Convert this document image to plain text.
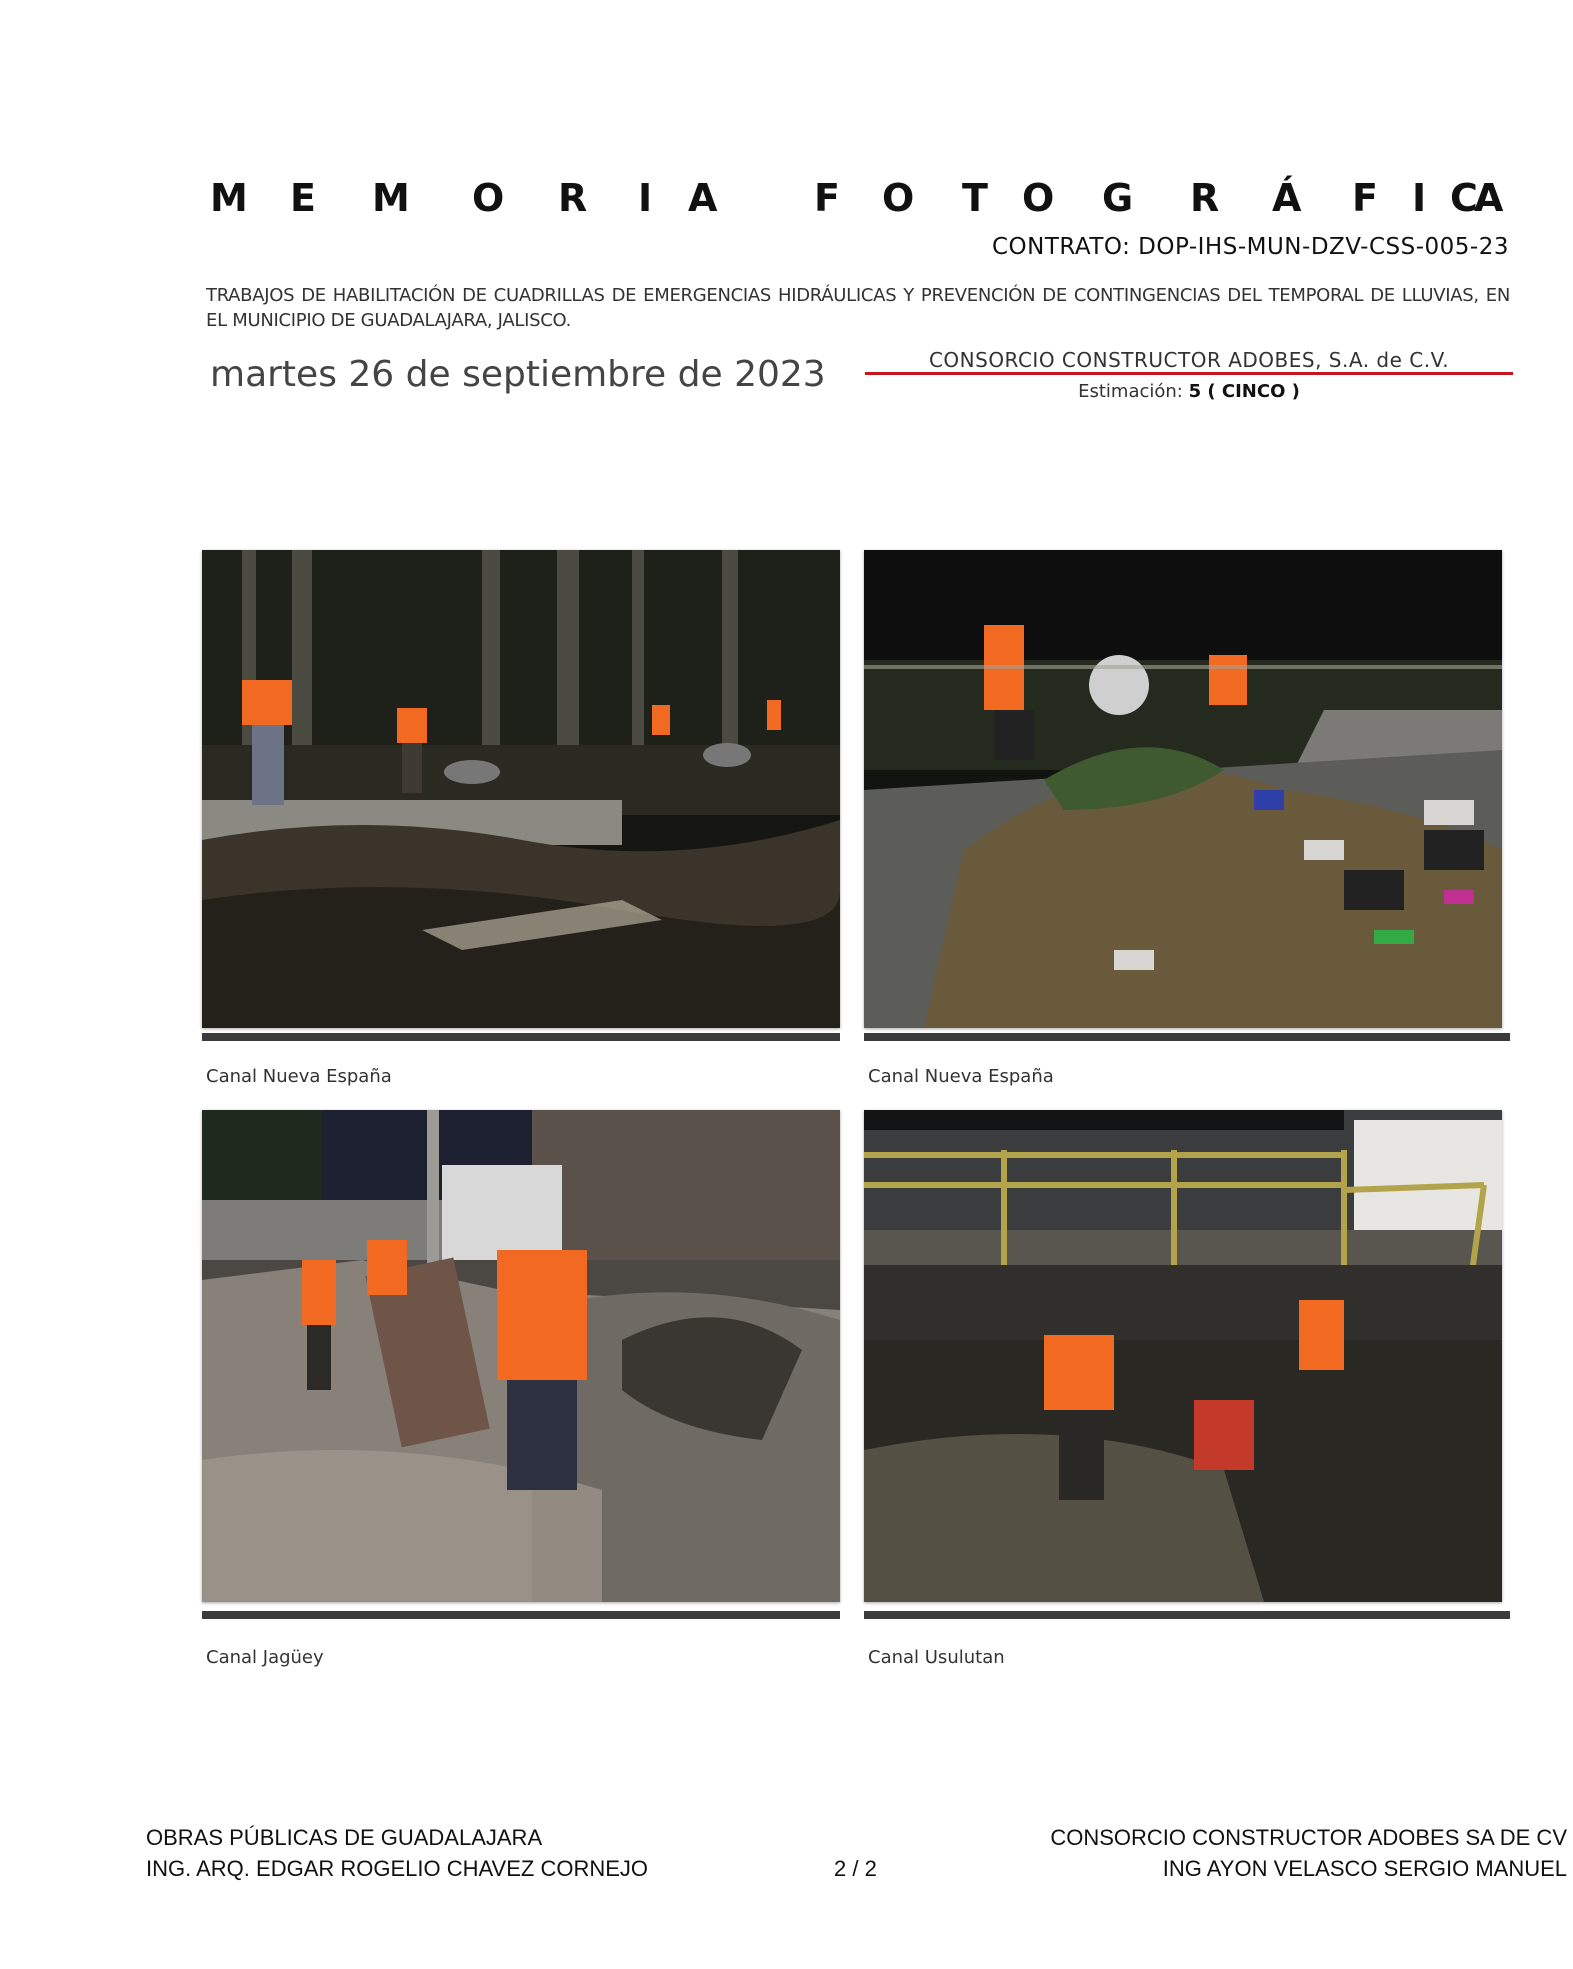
M E M O R I A	F O T O G R Á F I C
A
CONTRATO: DOP-IHS-MUN-DZV-CSS-005-23
TRABAJOS DE HABILITACIÓN DE CUADRILLAS DE EMERGENCIAS HIDRÁULICAS Y PREVENCIÓN DE CONTINGENCIAS DEL TEMPORAL DE LLUVIAS, EN EL MUNICIPIO DE GUADALAJARA, JALISCO.
martes 26 de septiembre de 2023	CONSORCIO CONSTRUCTOR ADOBES, S.A. de C.V.
Estimación: 5 ( CINCO )
Canal Nueva España	Canal Nueva España
Canal Jagüey	Canal Usulutan
OBRAS PÚBLICAS DE GUADALAJARA
ING. ARQ. EDGAR ROGELIO CHAVEZ CORNEJO	2 / 2
CONSORCIO CONSTRUCTOR ADOBES SA DE CV
ING AYON VELASCO SERGIO MANUEL
